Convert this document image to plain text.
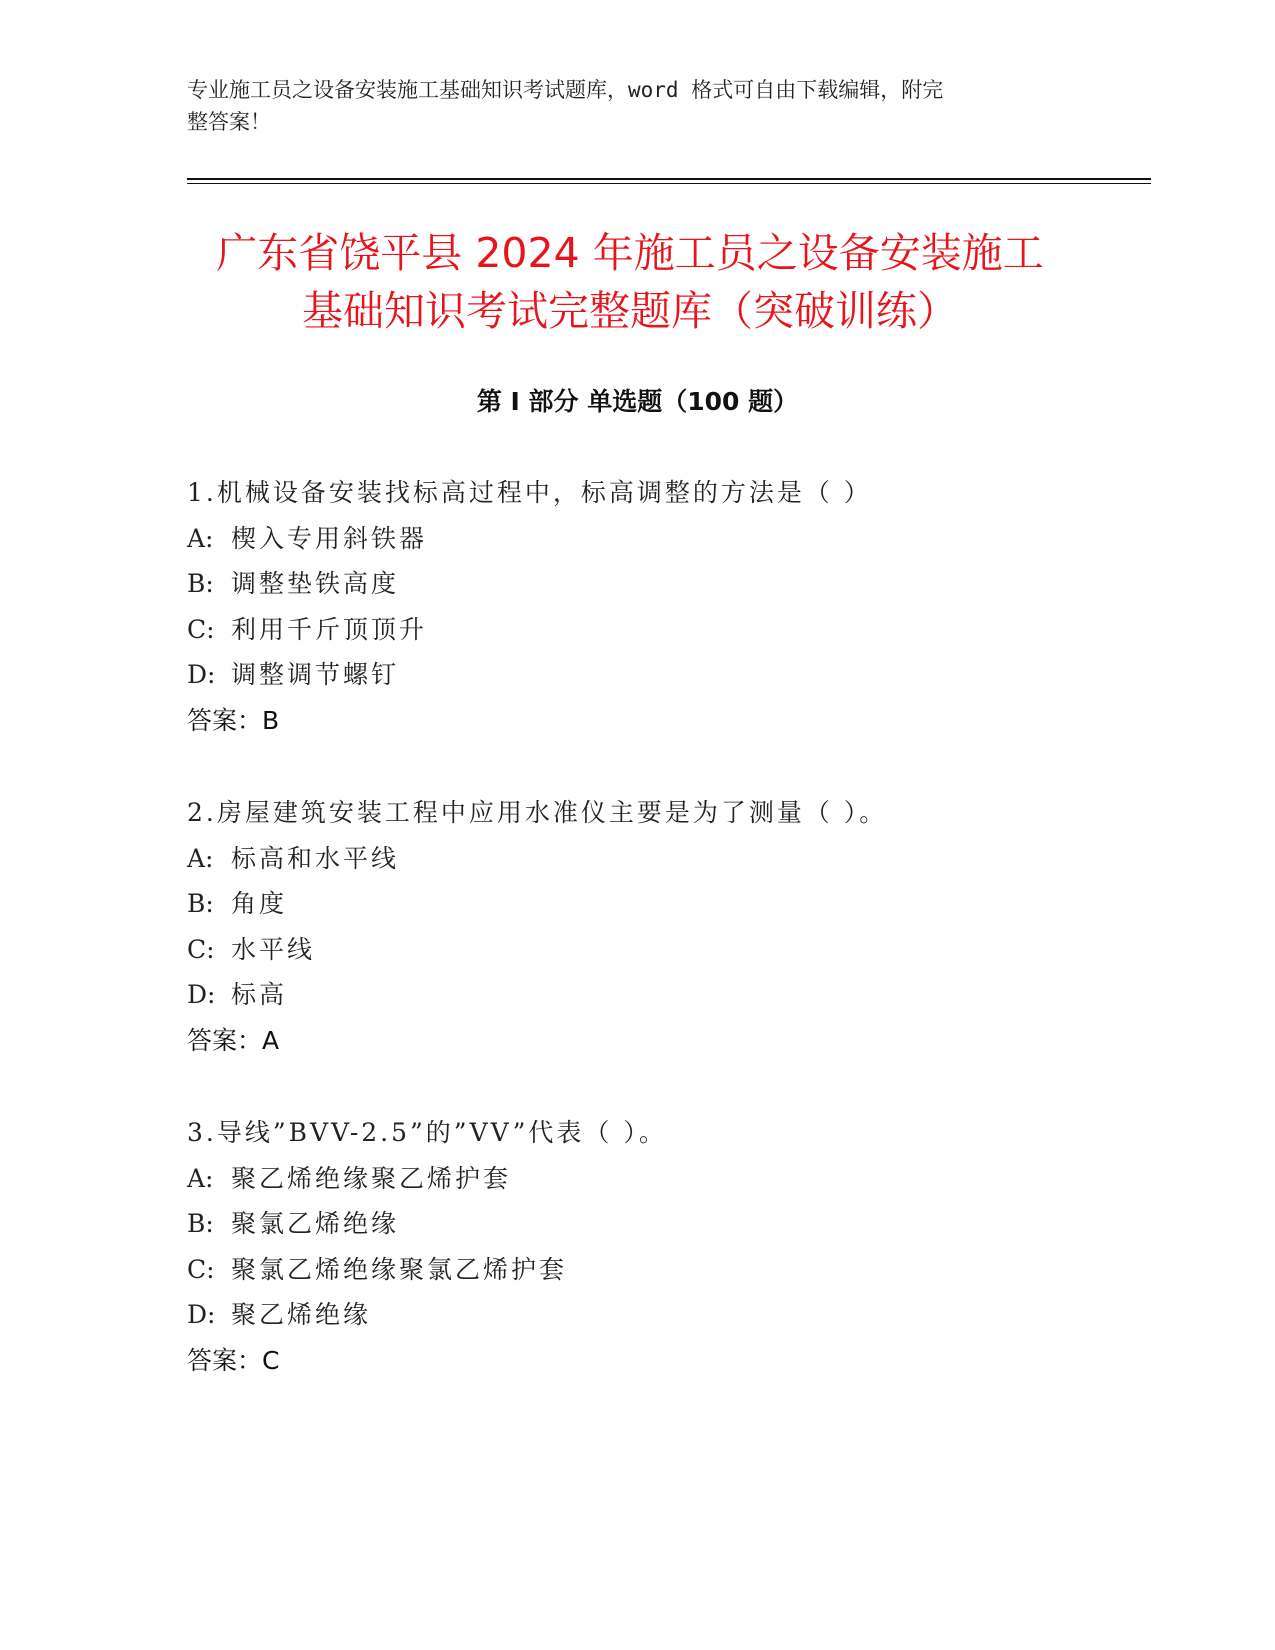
专业施工员之设备安装施工基础知识考试题库，word 格式可自由下载编辑，附完
整答案！
广东省饶平县 2024 年施工员之设备安装施工
基础知识考试完整题库（突破训练）
第 I 部分 单选题（100 题）
1.机械设备安装找标高过程中，标高调整的方法是（ ）
A: 楔入专用斜铁器
B: 调整垫铁高度
C: 利用千斤顶顶升
D: 调整调节螺钉
答案：B
2.房屋建筑安装工程中应用水准仪主要是为了测量（ ）。
A: 标高和水平线
B: 角度
C: 水平线
D: 标高
答案：A
3.导线”BVV-2.5”的”VV”代表（ ）。
A: 聚乙烯绝缘聚乙烯护套
B: 聚氯乙烯绝缘
C: 聚氯乙烯绝缘聚氯乙烯护套
D: 聚乙烯绝缘
答案：C
